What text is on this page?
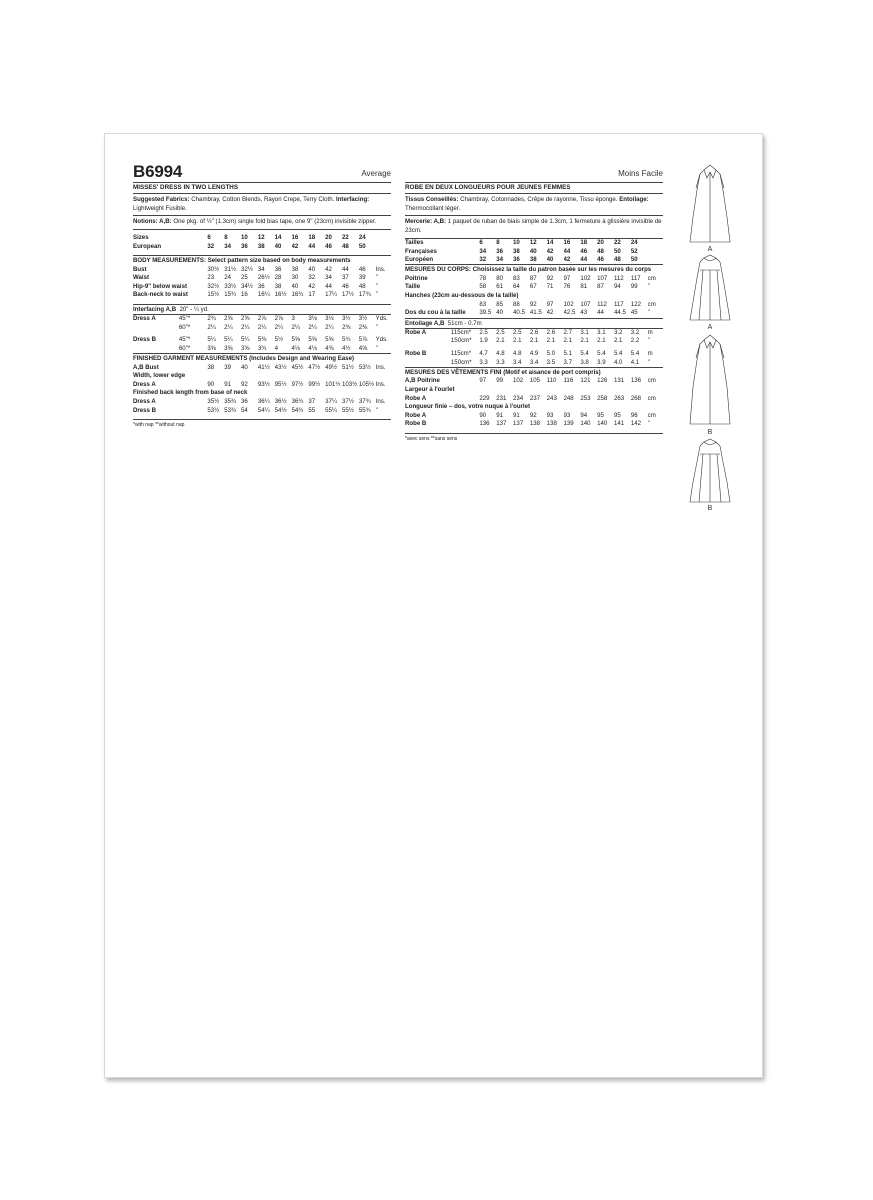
B6994	Average
MISSES' DRESS IN TWO LENGTHS
Suggested Fabrics: Chambray, Cotton Blends, Rayon Crepe, Terry Cloth. Interfacing: Lightweight Fusible.
Notions: A,B: One pkg. of ½" (1.3cm) single fold bias tape, one 9" (23cm) invisible zipper.
Sizes	6	8	10	12	14	16	18	20	22	24	
European	32	34	36	38	40	42	44	46	48	50	
BODY MEASUREMENTS: Select pattern size based on body measurements
Bust	30½	31½	32½	34	36	38	40	42	44	46	Ins.
Waist	23	24	25	26½	28	30	32	34	37	39	"
Hip-9" below waist	32½	33½	34½	36	38	40	42	44	46	48	"
Back-neck to waist	15½	15¾	16	16¼	16½	16¾	17	17¼	17½	17¾	"
Interfacing A,B 20" - ¼ yd.
Dress A	45"*	2¾	2⅝	2⅝	2⅞	2⅞	3	3⅛	3⅛	3½	3½	Yds.
	60"*	2¼	2¼	2¼	2¼	2¼	2¼	2¼	2¼	2⅜	2⅜	"

Dress B	45"*	5¼	5¼	5¼	5⅜	5½	5⅝	5⅝	5⅝	5¾	5⅞	Yds.
	60"*	3⅝	3⅝	3⅝	3¾	4	4⅛	4⅛	4⅜	4½	4⅝	"
FINISHED GARMENT MEASUREMENTS (Includes Design and Wearing Ease)
A,B Bust	38	39	40	41½	43½	45½	47½	49½	51½	53½	Ins.
Width, lower edge											
Dress A	90	91	92	93½	95½	97½	99½	101½	103½	105½	Ins.
Finished back length from base of neck											
Dress A	35½	35¾	36	36¼	36½	36¾	37	37¼	37½	37¾	Ins.
Dress B	53½	53¾	54	54¼	54½	54¾	55	55¼	55½	55¾	"
*with nap **without nap
Moins Facile
ROBE EN DEUX LONGUEURS POUR JEUNES FEMMES
Tissus Conseillés: Chambray, Cotonnades, Crêpe de rayonne, Tissu éponge. Entoilage: Thermocollant léger.
Mercerie: A,B: 1 paquet de ruban de biais simple de 1.3cm, 1 fermeture à glissière invisible de 23cm.
Tailles	6	8	10	12	14	16	18	20	22	24	
Françaises	34	36	38	40	42	44	46	48	50	52	
Européen	32	34	36	38	40	42	44	46	48	50	
MESURES DU CORPS: Choisissez la taille du patron basée sur les mesures du corps
Poitrine	78	80	83	87	92	97	102	107	112	117	cm
Taille	58	61	64	67	71	76	81	87	94	99	"
Hanches (23cm au-dessous de la taille)											
	83	85	88	92	97	102	107	112	117	122	cm
Dos du cou à la taille	39.5	40	40.5	41.5	42	42.5	43	44	44.5	45	"
Entoilage A,B 51cm - 0.7m
Robe A	115cm*	2.5	2.5	2.5	2.6	2.6	2.7	3.1	3.1	3.2	3.2	m
	150cm*	1.9	2.1	2.1	2.1	2.1	2.1	2.1	2.1	2.1	2.2	"

Robe B	115cm*	4.7	4.8	4.8	4.9	5.0	5.1	5.4	5.4	5.4	5.4	m
	150cm*	3.3	3.3	3.4	3.4	3.5	3.7	3.8	3.9	4.0	4.1	"
MESURES DES VÊTEMENTS FINI (Motif et aisance de port compris)
A,B Poitrine	97	99	102	105	110	116	121	126	131	136	cm
Largeur à l'ourlet											
Robe A	229	231	234	237	243	248	253	258	263	268	cm
Longueur finie – dos, votre nuque à l'ourlet											
Robe A	90	91	91	92	93	93	94	95	95	96	cm
Robe B	136	137	137	138	138	139	140	140	141	142	"
*avec sens **sans sens
A
A
B
B
